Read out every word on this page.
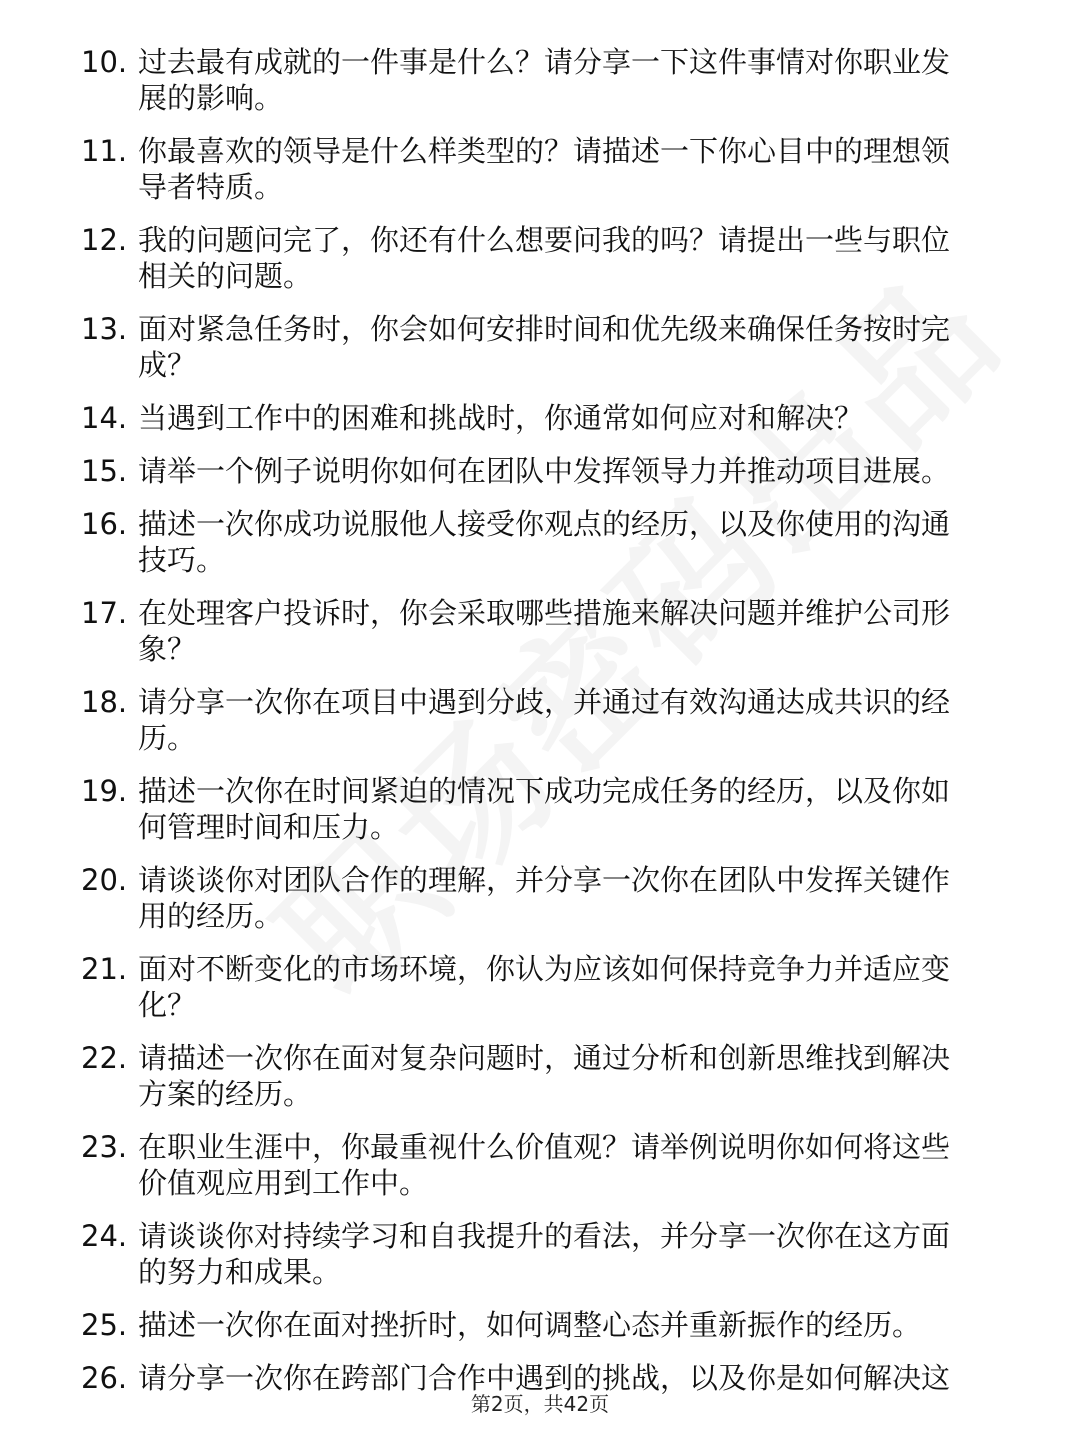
10. 过去最有成就的一件事是什么？请分享一下这件事情对你职业发展的影响。
11. 你最喜欢的领导是什么样类型的？请描述一下你心目中的理想领导者特质。
12. 我的问题问完了，你还有什么想要问我的吗？请提出一些与职位相关的问题。
13. 面对紧急任务时，你会如何安排时间和优先级来确保任务按时完成？
14. 当遇到工作中的困难和挑战时，你通常如何应对和解决？
15. 请举一个例子说明你如何在团队中发挥领导力并推动项目进展。
16. 描述一次你成功说服他人接受你观点的经历，以及你使用的沟通技巧。
17. 在处理客户投诉时，你会采取哪些措施来解决问题并维护公司形象？
18. 请分享一次你在项目中遇到分歧，并通过有效沟通达成共识的经历。
19. 描述一次你在时间紧迫的情况下成功完成任务的经历，以及你如何管理时间和压力。
20. 请谈谈你对团队合作的理解，并分享一次你在团队中发挥关键作用的经历。
21. 面对不断变化的市场环境，你认为应该如何保持竞争力并适应变化？
22. 请描述一次你在面对复杂问题时，通过分析和创新思维找到解决方案的经历。
23. 在职业生涯中，你最重视什么价值观？请举例说明你如何将这些价值观应用到工作中。
24. 请谈谈你对持续学习和自我提升的看法，并分享一次你在这方面的努力和成果。
25. 描述一次你在面对挫折时，如何调整心态并重新振作的经历。
26. 请分享一次你在跨部门合作中遇到的挑战，以及你是如何解决这
第2页，共42页
